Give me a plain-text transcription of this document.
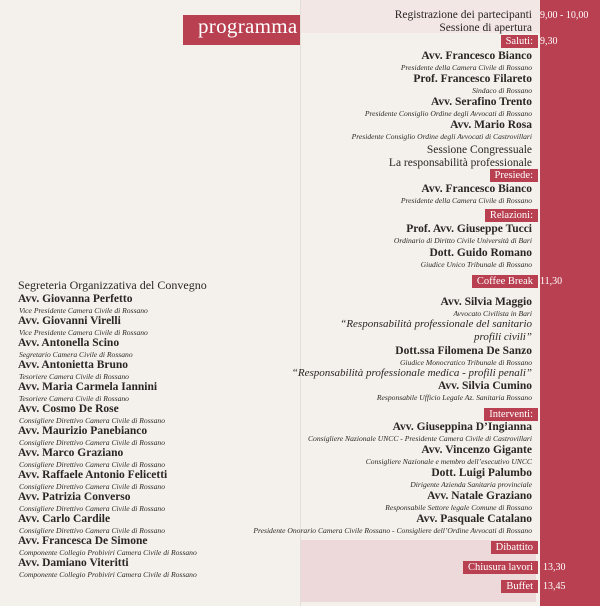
programma	Registrazione dei partecipanti 9,00 - 10,00
Sessione di apertura
Saluti: 9,30
Avv. Francesco Bianco
Presidente della Camera Civile di Rossano
Prof. Francesco Filareto
Sindaco di Rossano
Avv. Serafino Trento
Presidente Consiglio Ordine degli Avvocati di Rossano
Avv. Mario Rosa
Presidente Consiglio Ordine degli Avvocati di Castrovillari
Sessione Congressuale
La responsabilità professionale
Presiede:
Avv. Francesco Bianco
Presidente della Camera Civile di Rossano
Relazioni:
Prof. Avv. Giuseppe Tucci
Ordinario di Diritto Civile Università di Bari
Dott. Guido Romano
Giudice Unico Tribunale di Rossano
Coffee Break 11,30
Avv. Silvia Maggio
Avvocato Civilista in Bari
“Responsabilità professionale del sanitario
profili civili”
Dott.ssa Filomena De Sanzo
Giudice Monocratico Tribunale di Rossano
“Responsabilità professionale medica - profili penali”
Avv. Silvia Cumino
Responsabile Ufficio Legale Az. Sanitaria Rossano
Interventi:
Avv. Giuseppina D’Ingianna
Consigliere Nazionale UNCC - Presidente Camera Civile di Castrovillari
Avv. Vincenzo Gigante
Consigliere Nazionale e membro dell’esecutivo UNCC
Dott. Luigi Palumbo
Dirigente Azienda Sanitaria provinciale
Avv. Natale Graziano
Responsabile Settore legale Comune di Rossano
Avv. Pasquale Catalano
Presidente Onorario Camera Civile Rossano - Consigliere dell’Ordine Avvocati di Rossano
Dibattito
Chiusura lavori	13,30
Buffet	13,45
Segreteria Organizzativa del Convegno
Avv. Giovanna Perfetto
Vice Presidente Camera Civile di Rossano
Avv. Giovanni Virelli
Vice Presidente Camera Civile di Rossano
Avv. Antonella Scino
Segretario Camera Civile di Rossano
Avv. Antonietta Bruno
Tesoriere Camera Civile di Rossano
Avv. Maria Carmela Iannini
Tesoriere Camera Civile di Rossano
Avv. Cosmo De Rose
Consigliere Direttivo Camera Civile di Rossano
Avv. Maurizio Panebianco
Consigliere Direttivo Camera Civile di Rossano
Avv. Marco Graziano
Consigliere Direttivo Camera Civile di Rossano
Avv. Raffaele Antonio Felicetti
Consigliere Direttivo Camera Civile di Rossano
Avv. Patrizia Converso
Consigliere Direttivo Camera Civile di Rossano
Avv. Carlo Cardile
Consigliere Direttivo Camera Civile di Rossano
Avv. Francesca De Simone
Componente Collegio Probiviri Camera Civile di Rossano
Avv. Damiano Viteritti
Componente Collegio Probiviri Camera Civile di Rossano
